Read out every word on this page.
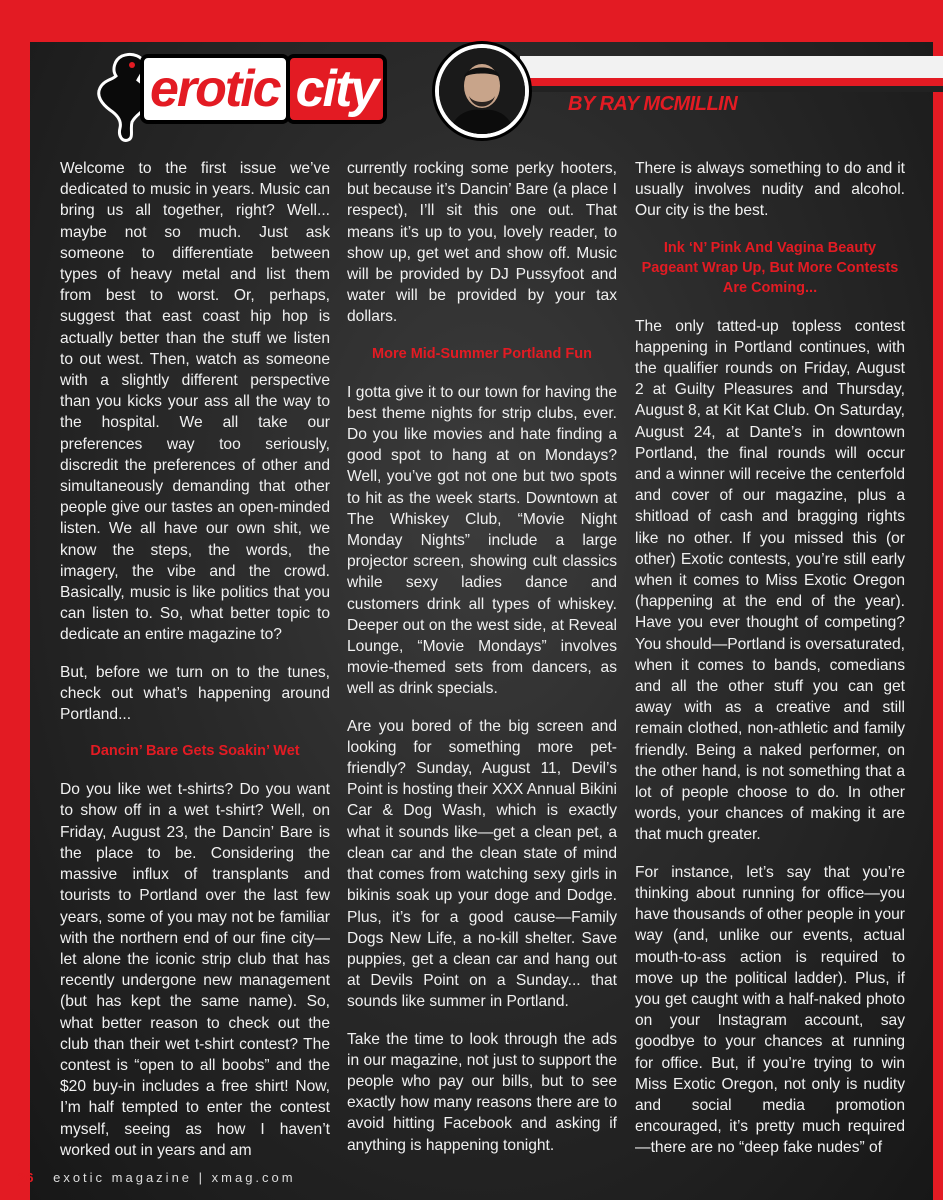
erotic city	BY RAY MCMILLIN

Welcome to the first issue we’ve dedicated to music in years. Music can bring us all together, right? Well... maybe not so much. Just ask someone to differentiate between types of heavy metal and list them from best to worst. Or, perhaps, suggest that east coast hip hop is actually better than the stuff we listen to out west. Then, watch as someone with a slightly different perspective than you kicks your ass all the way to the hospital. We all take our preferences way too seriously, discredit the preferences of other and simultaneously demanding that other people give our tastes an open-minded listen. We all have our own shit, we know the steps, the words, the imagery, the vibe and the crowd. Basically, music is like politics that you can listen to. So, what better topic to dedicate an entire magazine to?

But, before we turn on to the tunes, check out what’s happening around Portland...

Dancin’ Bare Gets Soakin’ Wet

Do you like wet t-shirts? Do you want to show off in a wet t-shirt? Well, on Friday, August 23, the Dancin’ Bare is the place to be. Considering the massive influx of transplants and tourists to Portland over the last few years, some of you may not be familiar with the northern end of our fine city—let alone the iconic strip club that has recently undergone new management (but has kept the same name). So, what better reason to check out the club than their wet t-shirt contest? The contest is “open to all boobs” and the $20 buy-in includes a free shirt! Now, I’m half tempted to enter the contest myself, seeing as how I haven’t worked out in years and am

currently rocking some perky hooters, but because it’s Dancin’ Bare (a place I respect), I’ll sit this one out. That means it’s up to you, lovely reader, to show up, get wet and show off. Music will be provided by DJ Pussyfoot and water will be provided by your tax dollars.

More Mid-Summer Portland Fun

I gotta give it to our town for having the best theme nights for strip clubs, ever. Do you like movies and hate finding a good spot to hang at on Mondays? Well, you’ve got not one but two spots to hit as the week starts. Downtown at The Whiskey Club, “Movie Night Monday Nights” include a large projector screen, showing cult classics while sexy ladies dance and customers drink all types of whiskey. Deeper out on the west side, at Reveal Lounge, “Movie Mondays” involves movie-themed sets from dancers, as well as drink specials.

Are you bored of the big screen and looking for something more pet-friendly? Sunday, August 11, Devil’s Point is hosting their XXX Annual Bikini Car & Dog Wash, which is exactly what it sounds like—get a clean pet, a clean car and the clean state of mind that comes from watching sexy girls in bikinis soak up your doge and Dodge. Plus, it’s for a good cause—Family Dogs New Life, a no-kill shelter. Save puppies, get a clean car and hang out at Devils Point on a Sunday... that sounds like summer in Portland.

Take the time to look through the ads in our magazine, not just to support the people who pay our bills, but to see exactly how many reasons there are to avoid hitting Facebook and asking if anything is happening tonight.

There is always something to do and it usually involves nudity and alcohol. Our city is the best.

Ink ‘N’ Pink And Vagina Beauty Pageant Wrap Up, But More Contests Are Coming...

The only tatted-up topless contest happening in Portland continues, with the qualifier rounds on Friday, August 2 at Guilty Pleasures and Thursday, August 8, at Kit Kat Club. On Saturday, August 24, at Dante’s in downtown Portland, the final rounds will occur and a winner will receive the centerfold and cover of our magazine, plus a shitload of cash and bragging rights like no other. If you missed this (or other) Exotic contests, you’re still early when it comes to Miss Exotic Oregon (happening at the end of the year). Have you ever thought of competing? You should—Portland is oversaturated, when it comes to bands, comedians and all the other stuff you can get away with as a creative and still remain clothed, non-athletic and family friendly. Being a naked performer, on the other hand, is not something that a lot of people choose to do. In other words, your chances of making it are that much greater.

For instance, let’s say that you’re thinking about running for office—you have thousands of other people in your way (and, unlike our events, actual mouth-to-ass action is required to move up the political ladder). Plus, if you get caught with a half-naked photo on your Instagram account, say goodbye to your chances at running for office. But, if you’re trying to win Miss Exotic Oregon, not only is nudity and social media promotion encouraged, it’s pretty much required—there are no “deep fake nudes” of

26 exotic magazine | xmag.com
